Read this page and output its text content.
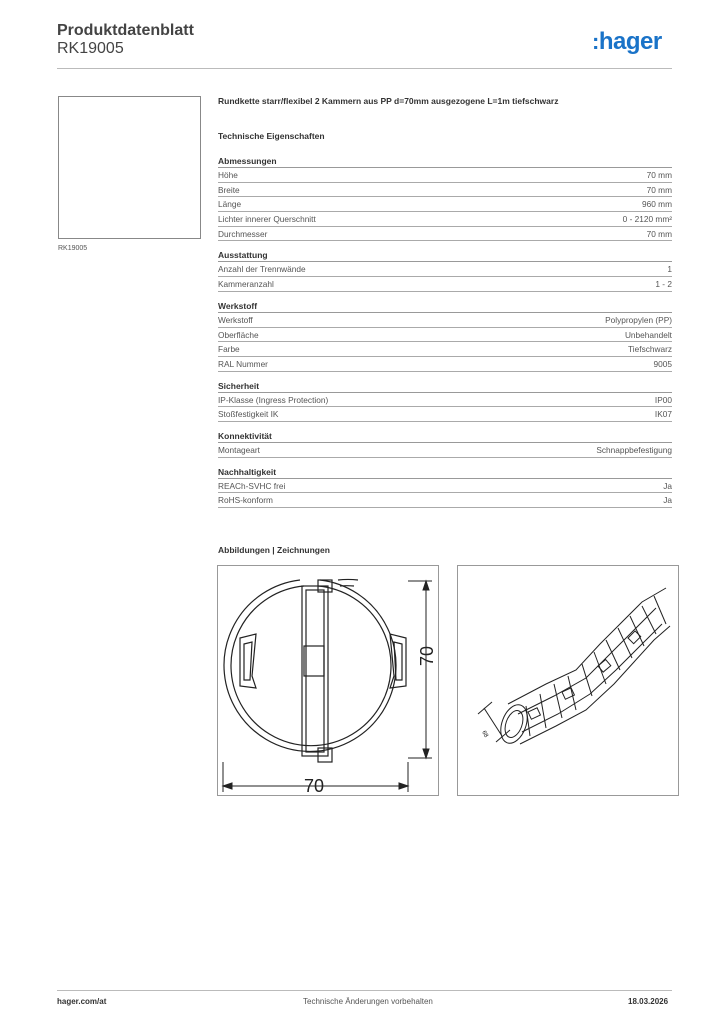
Produktdatenblatt
RK19005	:hager
RK19005
Rundkette starr/flexibel 2 Kammern aus PP d=70mm ausgezogene L=1m tiefschwarz
Technische Eigenschaften
Abmessungen
Höhe	70 mm
Breite	70 mm
Länge	960 mm
Lichter innerer Querschnitt	0 - 2120 mm²
Durchmesser	70 mm
Ausstattung
Anzahl der Trennwände	1
Kammeranzahl	1 - 2
Werkstoff
Werkstoff	Polypropylen (PP)
Oberfläche	Unbehandelt
Farbe	Tiefschwarz
RAL Nummer	9005
Sicherheit
IP-Klasse (Ingress Protection)	IP00
Stoßfestigkeit IK	IK07
Konnektivität
Montageart	Schnappbefestigung
Nachhaltigkeit
REACh-SVHC frei	Ja
RoHS-konform	Ja
Abbildungen | Zeichnungen
70
70
68
hager.com/at	Technische Änderungen vorbehalten	18.03.2026
